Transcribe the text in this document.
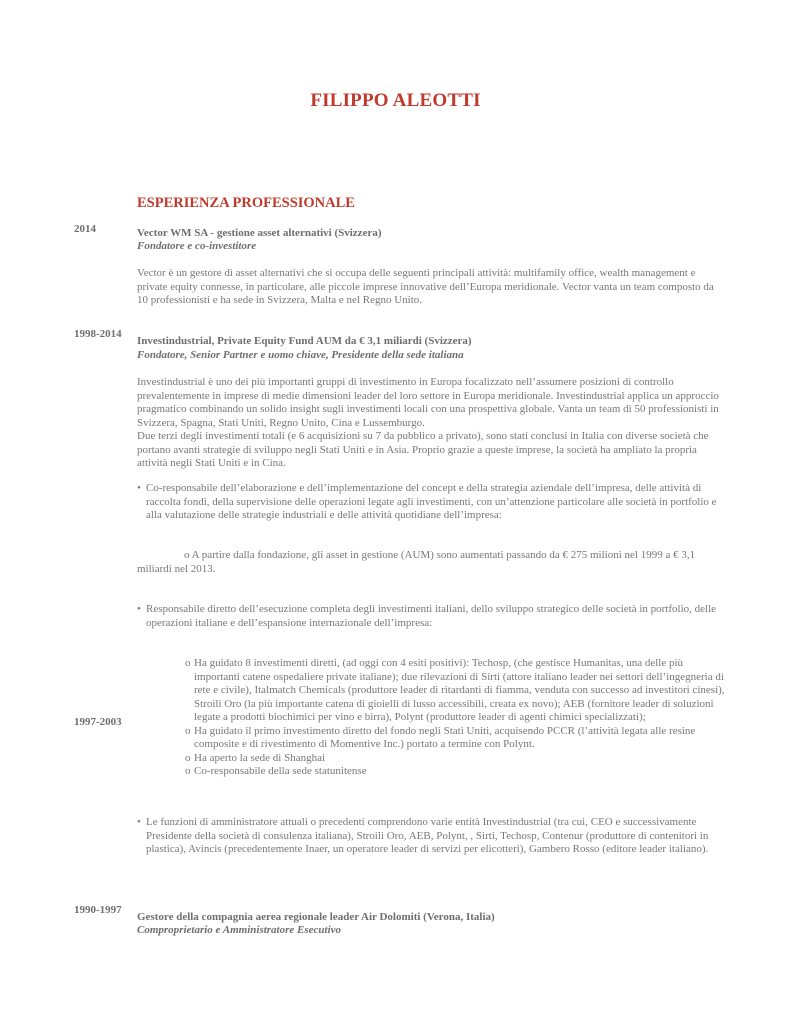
FILIPPO ALEOTTI
ESPERIENZA PROFESSIONALE
2014	Vector WM SA - gestione asset alternativi (Svizzera)
Fondatore e co-investitore
Vector è un gestore di asset alternativi che si occupa delle seguenti principali attività: multifamily office, wealth management e private equity connesse, in particolare, alle piccole imprese innovative dell’Europa meridionale. Vector vanta un team composto da 10 professionisti e ha sede in Svizzera, Malta e nel Regno Unito.
1998-2014
Investindustrial, Private Equity Fund AUM da € 3,1 miliardi (Svizzera)
Fondatore, Senior Partner e uomo chiave, Presidente della sede italiana
Investindustrial è uno dei più importanti gruppi di investimento in Europa focalizzato nell’assumere posizioni di controllo prevalentemente in imprese di medie dimensioni leader del loro settore in Europa meridionale. Investindustrial applica un approccio pragmatico combinando un solido insight sugli investimenti locali con una prospettiva globale. Vanta un team di 50 professionisti in Svizzera, Spagna, Stati Uniti, Regno Unito, Cina e Lussemburgo.
Due terzi degli investimenti totali (e 6 acquisizioni su 7 da pubblico a privato), sono stati conclusi in Italia con diverse società che portano avanti strategie di sviluppo negli Stati Uniti e in Asia. Proprio grazie a queste imprese, la società ha ampliato la propria attività negli Stati Uniti e in Cina.
• Co-responsabile dell’elaborazione e dell’implementazione del concept e della strategia aziendale dell’impresa, delle attività di raccolta fondi, della supervisione delle operazioni legate agli investimenti, con un’attenzione particolare alle società in portfolio e alla valutazione delle strategie industriali e delle attività quotidiane dell’impresa:
o A partire dalla fondazione, gli asset in gestione (AUM) sono aumentati passando da € 275 milioni nel 1999 a € 3,1 miliardi nel 2013.
• Responsabile diretto dell’esecuzione completa degli investimenti italiani, dello sviluppo strategico delle società in portfolio, delle operazioni italiane e dell’espansione internazionale dell’impresa:
o Ha guidato 8 investimenti diretti, (ad oggi con 4 esiti positivi): Techosp, (che gestisce Humanitas, una delle più importanti catene ospedaliere private italiane); due rilevazioni di Sirti (attore italiano leader nei settori dell’ingegneria di rete e civile), Italmatch Chemicals (produttore leader di ritardanti di fiamma, venduta con successo ad investitori cinesi), Stroili Oro (la più importante catena di gioielli di lusso accessibili, creata ex novo); AEB (fornitore leader di soluzioni legate a prodotti biochimici per vino e birra), Polynt (produttore leader di agenti chimici specializzati);
o Ha guidato il primo investimento diretto del fondo negli Stati Uniti, acquisendo PCCR (l’attività legata alle resine composite e di rivestimento di Momentive Inc.) portato a termine con Polynt.
o Ha aperto la sede di Shanghai
o Co-responsabile della sede statunitense
1997-2003
• Le funzioni di amministratore attuali o precedenti comprendono varie entità Investindustrial (tra cui, CEO e successivamente Presidente della società di consulenza italiana), Stroili Oro, AEB, Polynt, , Sirti, Techosp, Contenur (produttore di contenitori in plastica), Avincis (precedentemente Inaer, un operatore leader di servizi per elicotteri), Gambero Rosso (editore leader italiano).
1990-1997
Gestore della compagnia aerea regionale leader Air Dolomiti (Verona, Italia)
Comproprietario e Amministratore Esecutivo
